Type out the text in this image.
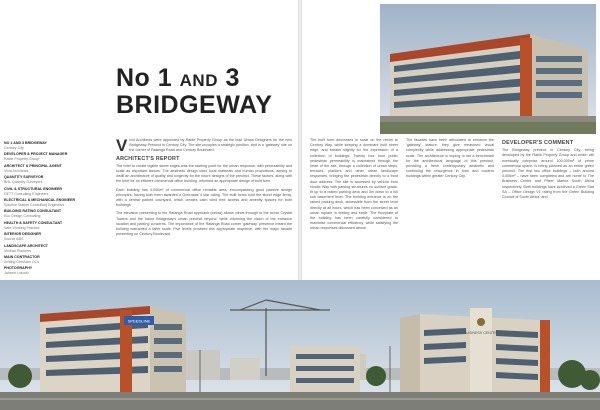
No 1 AND 3
BRIDGEWAY
NO 1 AND 3 BRIDGEWAY
Century City
DEVELOPER & PROJECT MANAGER
Rabie Property Group
ARCHITECT & PRINCIPAL AGENT
Vivid Architects
QUANTITY SURVEYOR
BHL Quantity Surveyors
CIVIL & STRUCTURAL ENGINEER
DETT Consulting Engineers
ELECTRICAL & MECHANICAL ENGINEER
Solution Station Consulting Engineers
BUILDING RATING CONSULTANT
Eco Design Consulting
HEALTH & SAFETY CONSULTANT
Safe Working Practice
INTERIOR DESIGNER
Source ABS
LANDSCAPE ARCHITECT
Viridian Planners
MAIN CONTRACTOR
Inviting Cresham CCs
PHOTOGRAPHY
Jahann Lukovic
V ivid Architects were appointed by Rabie Property Group as the lead Urban Designers for the new Bridgeway Precinct in Century City. The site occupies a strategic position, and is a 'gateway' site on the corner of Ratanga Road and Century Boulevard.
ARCHITECT'S REPORT
The brief to create legible street edges was the starting point for the urban response, with permeability and scale as important factors. The aesthetic design used local materials and human proportions, aiming to instill an architecture of quality and longevity for the future designs of the precinct. These factors, along with the brief for an efficient commercial office building, informed an appropriate design of built form.
Each building has 4,000m² of commercial office rentable area, encompassing good passive design principles, having both been awarded a Greenstar 4 star rating. The built forms hold the street edge firmly, with a central parked courtyard, which creates calm wind free access and amenity spaces for both buildings.
The elevation presenting to the Ratanga Road approach (below) allows views through to the iconic Crystal Towers and the future Bridgeway's urban precinct beyond, while informing the vision of the entrance location and parking concerns. The importance of the Ratanga Road corner 'gateway' presence meant the building warranted a taller scale. Five levels provided this appropriate response, with the major facade presenting on Century Boulevard.
The built form decreases in scale on the return to Century Way, while keeping a dominant built street edge, and breaks slightly for the expression of a collection of buildings. Twenty four hour public pedestrian permeability is maintained through the heart of the site, through a collection of urban steps, terraces, planters and other urban landscape responses, bringing the pedestrian directly to a front door address. The site is accessed by vehicle from Nordic Way with parking structures on surface grade, fit up to a raised parking deck and 3m down to a full sub basement level. The building entrance is on the raised parking deck, accessible from the street level directly at all hours, which has been conceived as an urban square in feeling and scale. The floorplate of the building has been carefully considered to maximise commercial efficiency, while satisfying the urban responses discussed above.
The facades have been articulated to enhance the 'gateway' stature; they give measured visual complexity while addressing appropriate pedestrian scale. The architecture is hoping to set a benchmark for the architectural language of this precinct, providing a fresh contemporary aesthetic and continuing the resurgence in form and modern buildings within greater Century City.
DEVELOPER'S COMMENT
The Bridgeway precinct in Century City, being developed by the Rabie Property Group and which will eventually comprise around 100,000m² of prime commercial space, is being planned as an entire green precinct. The first two office buildings – both around 4,000m² – have been completed and are home to The Business Centre and Pfizer Marine South Africa respectively. Both buildings have achieved a Green Star SA – Office Design V1 rating from the Green Building Council of South Africa, and
SPEEDLINE
BUSINESS CENTRE
